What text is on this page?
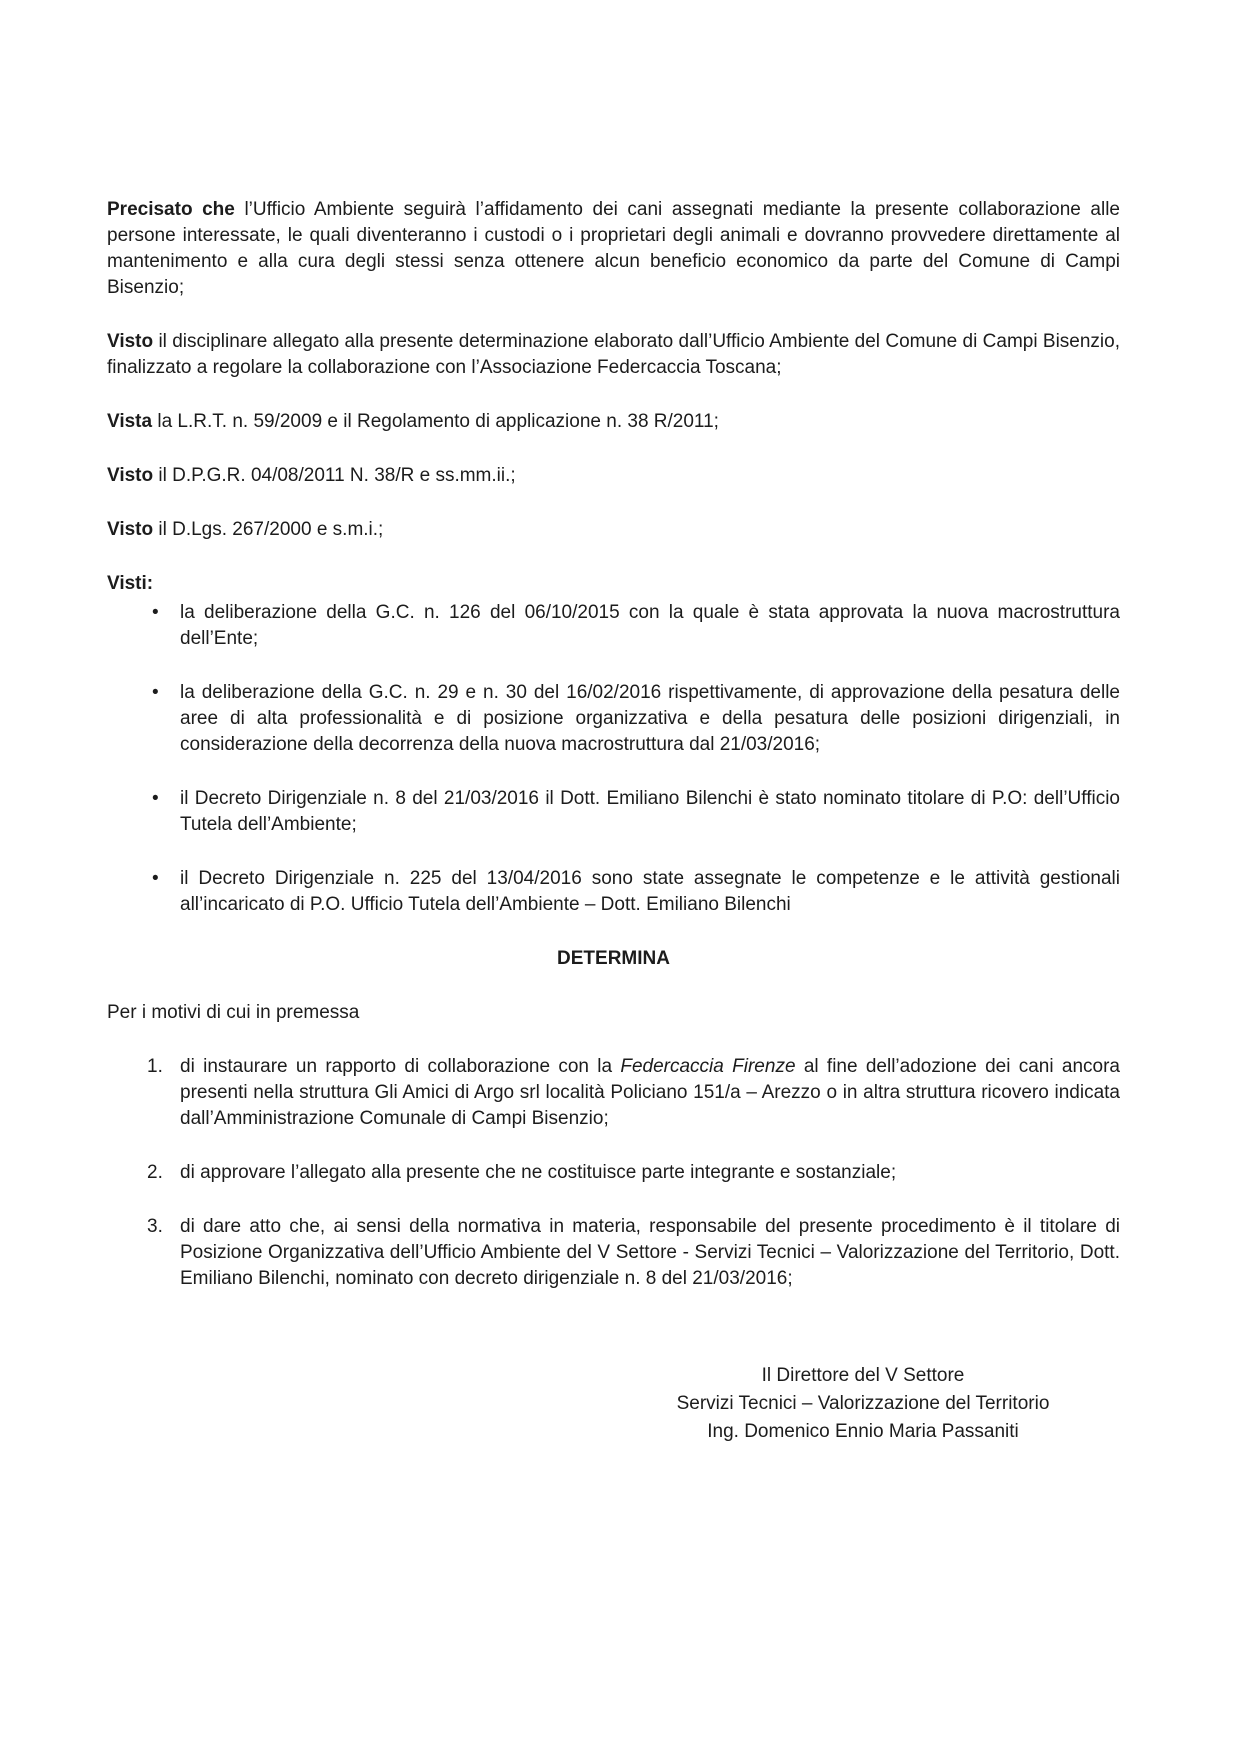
Precisato che l’Ufficio Ambiente seguirà l’affidamento dei cani assegnati mediante la presente collaborazione alle persone interessate, le quali diventeranno i custodi o i proprietari degli animali e dovranno provvedere direttamente al mantenimento e alla cura degli stessi senza ottenere alcun beneficio economico da parte del Comune di Campi Bisenzio;

Visto il disciplinare allegato alla presente determinazione elaborato dall’Ufficio Ambiente del Comune di Campi Bisenzio, finalizzato a regolare la collaborazione con l’Associazione Federcaccia Toscana;

Vista la L.R.T. n. 59/2009 e il Regolamento di applicazione n. 38 R/2011;

Visto il D.P.G.R. 04/08/2011 N. 38/R e ss.mm.ii.;

Visto il D.Lgs. 267/2000 e s.m.i.;

Visti:

• la deliberazione della G.C. n. 126 del 06/10/2015 con la quale è stata approvata la nuova macrostruttura dell’Ente;
• la deliberazione della G.C. n. 29 e n. 30 del 16/02/2016 rispettivamente, di approvazione della pesatura delle aree di alta professionalità e di posizione organizzativa e della pesatura delle posizioni dirigenziali, in considerazione della decorrenza della nuova macrostruttura dal 21/03/2016;
• il Decreto Dirigenziale n. 8 del 21/03/2016 il Dott. Emiliano Bilenchi è stato nominato titolare di P.O: dell’Ufficio Tutela dell’Ambiente;
• il Decreto Dirigenziale n. 225 del 13/04/2016 sono state assegnate le competenze e le attività gestionali all’incaricato di P.O. Ufficio Tutela dell’Ambiente – Dott. Emiliano Bilenchi
DETERMINA

Per i motivi di cui in premessa

1. di instaurare un rapporto di collaborazione con la Federcaccia Firenze al fine dell’adozione dei cani ancora presenti nella struttura Gli Amici di Argo srl località Policiano 151/a – Arezzo o in altra struttura ricovero indicata dall’Amministrazione Comunale di Campi Bisenzio;
2. di approvare l’allegato alla presente che ne costituisce parte integrante e sostanziale;
3. di dare atto che, ai sensi della normativa in materia, responsabile del presente procedimento è il titolare di Posizione Organizzativa dell’Ufficio Ambiente del V Settore - Servizi Tecnici – Valorizzazione del Territorio, Dott. Emiliano Bilenchi, nominato con decreto dirigenziale n. 8 del 21/03/2016;
Il Direttore del V Settore
Servizi Tecnici – Valorizzazione del Territorio
Ing. Domenico Ennio Maria Passaniti
